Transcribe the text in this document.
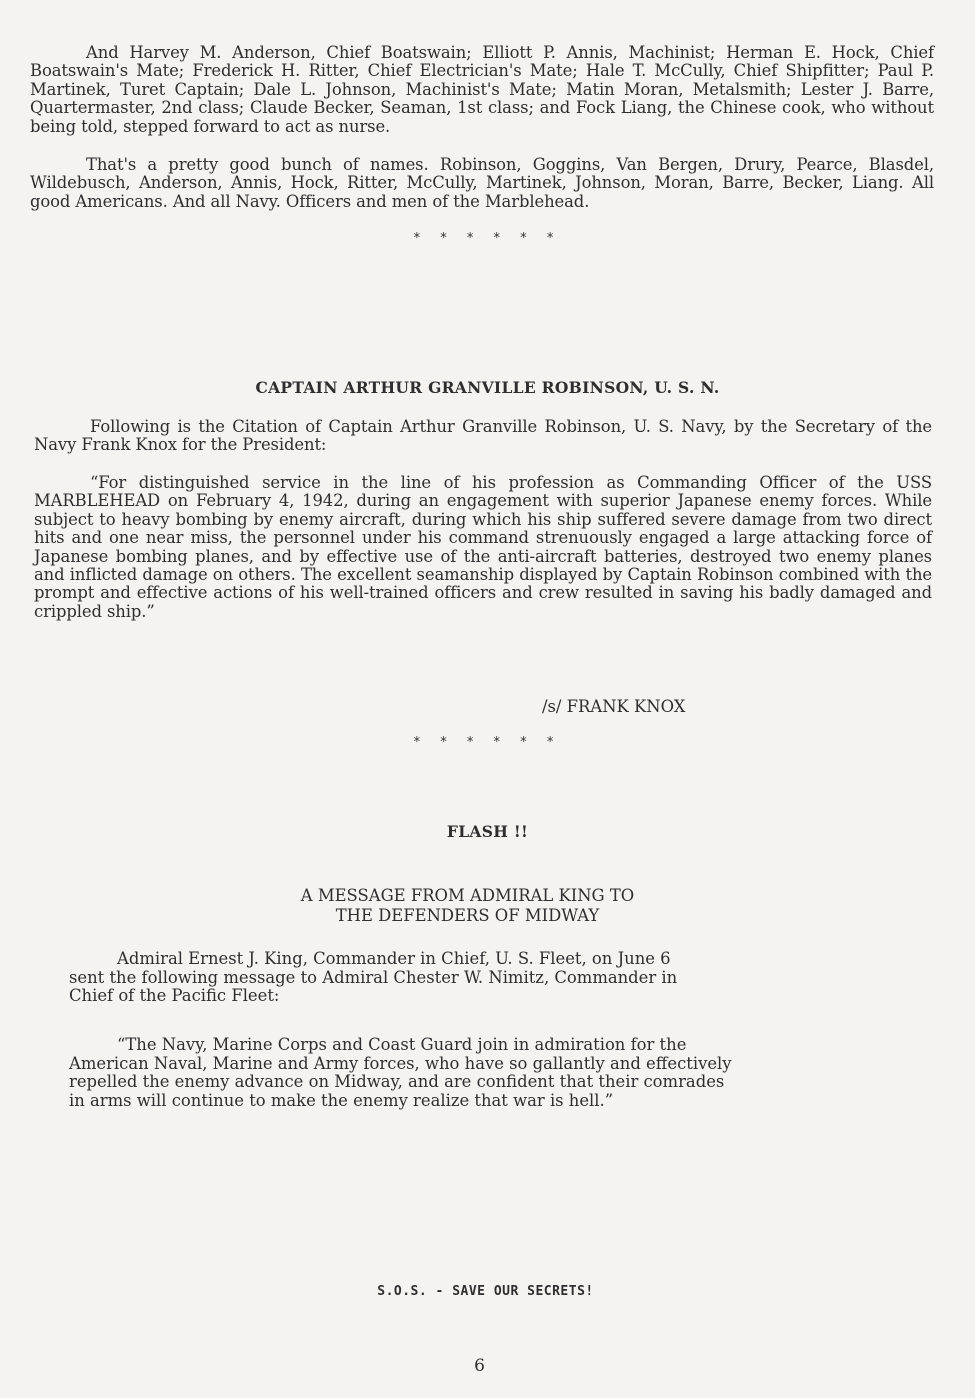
And Harvey M. Anderson, Chief Boatswain; Elliott P. Annis, Machinist; Herman E. Hock, Chief Boatswain's Mate; Frederick H. Ritter, Chief Electrician's Mate; Hale T. McCully, Chief Shipfitter; Paul P. Martinek, Turet Captain; Dale L. Johnson, Machinist's Mate; Matin Moran, Metalsmith; Lester J. Barre, Quartermaster, 2nd class; Claude Becker, Seaman, 1st class; and Fock Liang, the Chinese cook, who without being told, stepped forward to act as nurse.

That's a pretty good bunch of names. Robinson, Goggins, Van Bergen, Drury, Pearce, Blasdel, Wildebusch, Anderson, Annis, Hock, Ritter, McCully, Martinek, Johnson, Moran, Barre, Becker, Liang. All good Americans. And all Navy. Officers and men of the Marblehead.

* * * * * *

CAPTAIN ARTHUR GRANVILLE ROBINSON, U. S. N.

Following is the Citation of Captain Arthur Granville Robinson, U. S. Navy, by the Secretary of the Navy Frank Knox for the President:

“For distinguished service in the line of his profession as Commanding Officer of the USS MARBLEHEAD on February 4, 1942, during an engagement with superior Japanese enemy forces. While subject to heavy bombing by enemy aircraft, during which his ship suffered severe damage from two direct hits and one near miss, the personnel under his command strenuously engaged a large attacking force of Japanese bombing planes, and by effective use of the anti-aircraft batteries, destroyed two enemy planes and inflicted damage on others. The excellent seamanship displayed by Captain Robinson combined with the prompt and effective actions of his well-trained officers and crew resulted in saving his badly damaged and crippled ship.”

/s/ FRANK KNOX

* * * * * *

FLASH !!

A MESSAGE FROM ADMIRAL KING TO
THE DEFENDERS OF MIDWAY

Admiral Ernest J. King, Commander in Chief, U. S. Fleet, on June 6
sent the following message to Admiral Chester W. Nimitz, Commander in
Chief of the Pacific Fleet:

“The Navy, Marine Corps and Coast Guard join in admiration for the
American Naval, Marine and Army forces, who have so gallantly and effectively
repelled the enemy advance on Midway, and are confident that their comrades
in arms will continue to make the enemy realize that war is hell.”

S.O.S. - SAVE OUR SECRETS!

6
